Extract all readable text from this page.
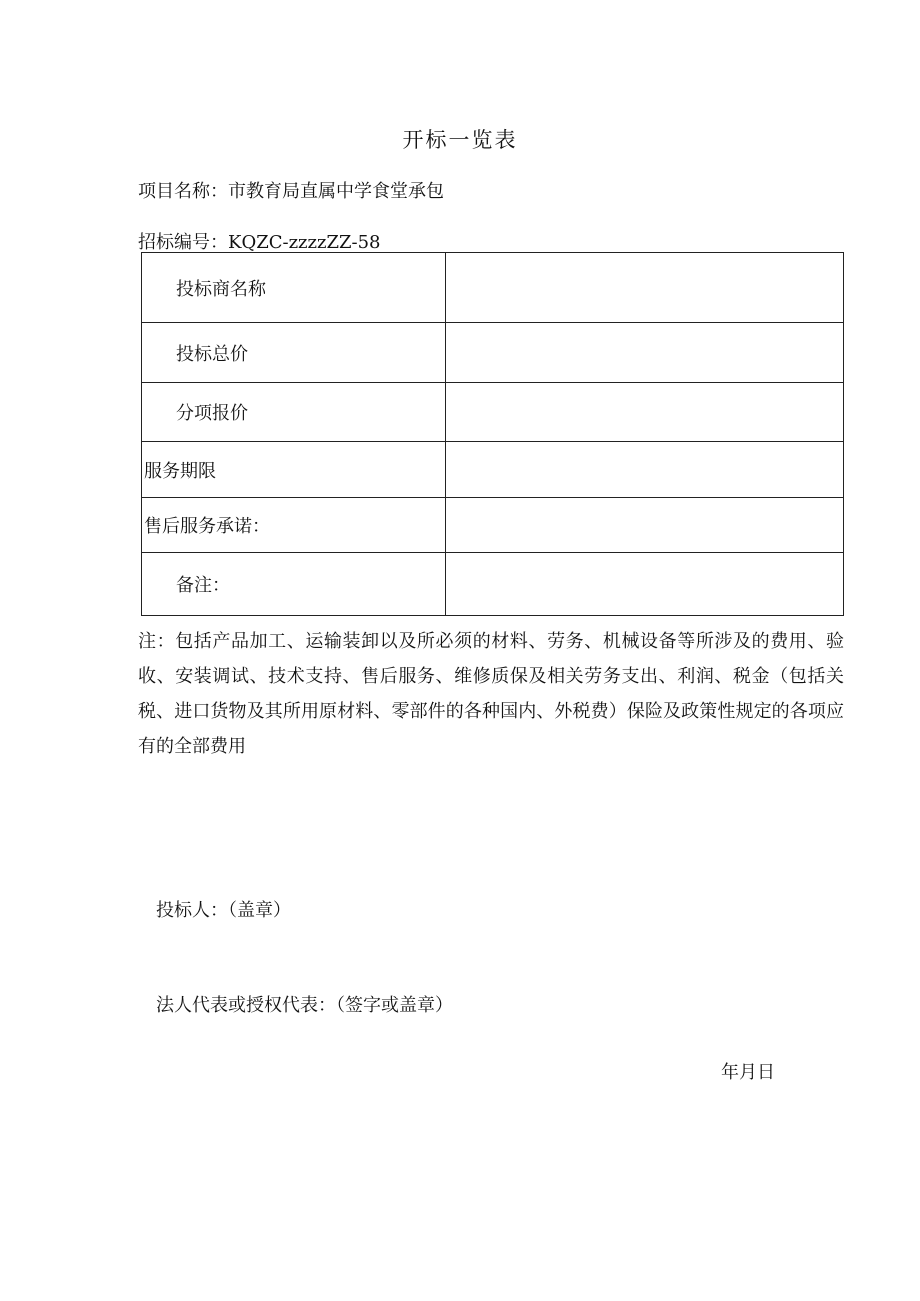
开标一览表
项目名称：市教育局直属中学食堂承包
招标编号：KQZC-zzzzZZ-58
投标商名称	
投标总价	
分项报价	
服务期限	
售后服务承诺：	
备注：	
注：包括产品加工、运输装卸以及所必须的材料、劳务、机械设备等所涉及的费用、验收、安装调试、技术支持、售后服务、维修质保及相关劳务支出、利润、税金（包括关税、进口货物及其所用原材料、零部件的各种国内、外税费）保险及政策性规定的各项应有的全部费用
投标人：（盖章）
法人代表或授权代表：（签字或盖章）
年月日
